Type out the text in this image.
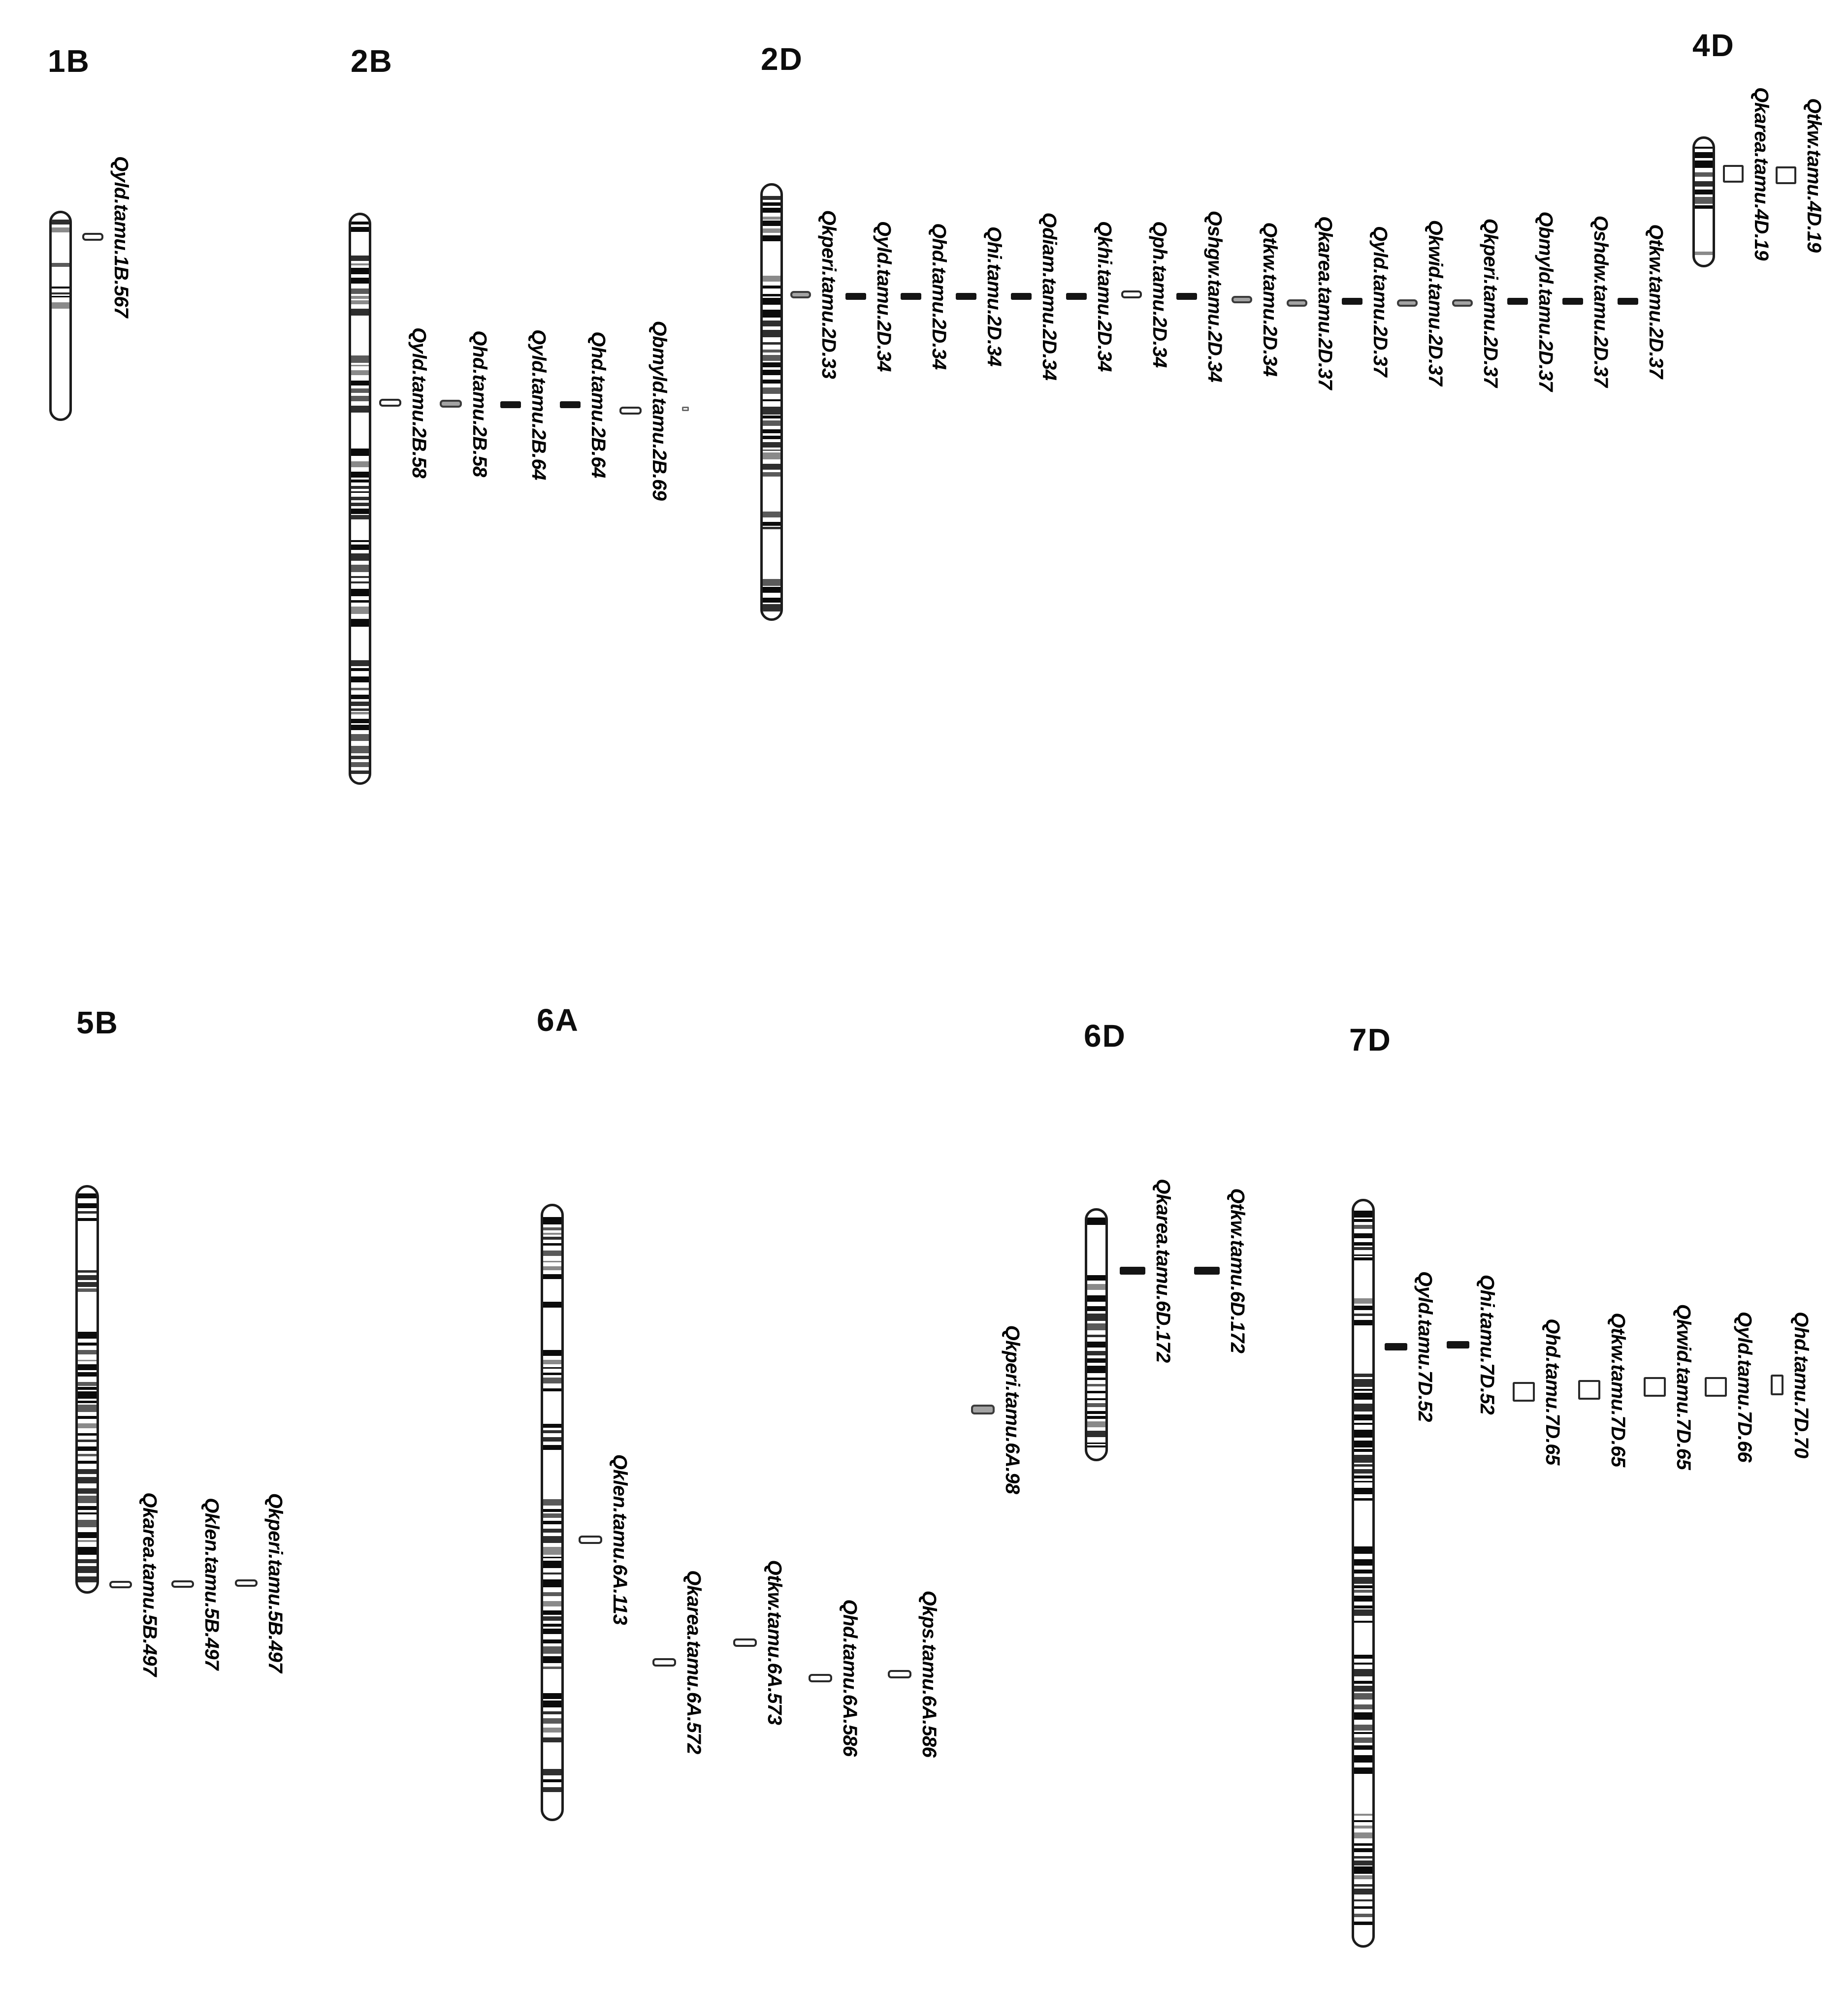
1B
Qyld.tamu.1B.567
2B
Qyld.tamu.2B.58 Qhd.tamu.2B.58 Qyld.tamu.2B.64 Qhd.tamu.2B.64 Qbmyld.tamu.2B.69
2D
Qkperi.tamu.2D.33 Qyld.tamu.2D.34 Qhd.tamu.2D.34 Qhi.tamu.2D.34 Qdiam.tamu.2D.34 Qkhi.tamu.2D.34 Qph.tamu.2D.34 Qshgw.tamu.2D.34 Qtkw.tamu.2D.34 Qkarea.tamu.2D.37 Qyld.tamu.2D.37 Qkwid.tamu.2D.37 Qkperi.tamu.2D.37 Qbmyld.tamu.2D.37 Qshdw.tamu.2D.37 Qtkw.tamu.2D.37
4D
Qkarea.tamu.4D.19 Qtkw.tamu.4D.19
5B
Qkarea.tamu.5B.497 Qklen.tamu.5B.497 Qkperi.tamu.5B.497
6A
Qkperi.tamu.6A.98
Qklen.tamu.6A.113
Qkarea.tamu.6A.572	Qtkw.tamu.6A.573	Qhd.tamu.6A.586	Qkps.tamu.6A.586
6D
Qkarea.tamu.6D.172	Qtkw.tamu.6D.172
7D
Qyld.tamu.7D.52 Qhi.tamu.7D.52 Qhd.tamu.7D.65 Qtkw.tamu.7D.65 Qkwid.tamu.7D.65 Qyld.tamu.7D.66 Qhd.tamu.7D.70
